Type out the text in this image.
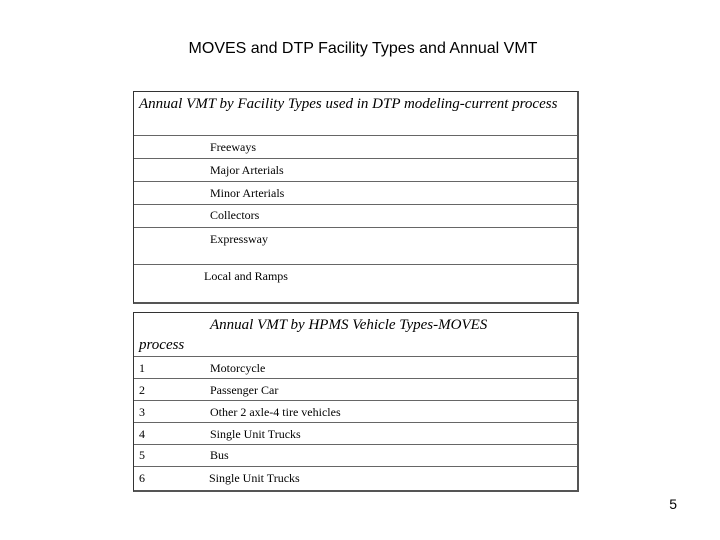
MOVES and DTP Facility Types and Annual VMT
Annual VMT by Facility Types used in DTP modeling-current process
Freeways
Major Arterials
Minor Arterials
Collectors
Expressway
Local and Ramps
Annual VMT by HPMS Vehicle Types-MOVES
process
1	Motorcycle
2	Passenger Car
3	Other 2 axle-4 tire vehicles
4	Single Unit Trucks
5	Bus
6	Single Unit Trucks
5
